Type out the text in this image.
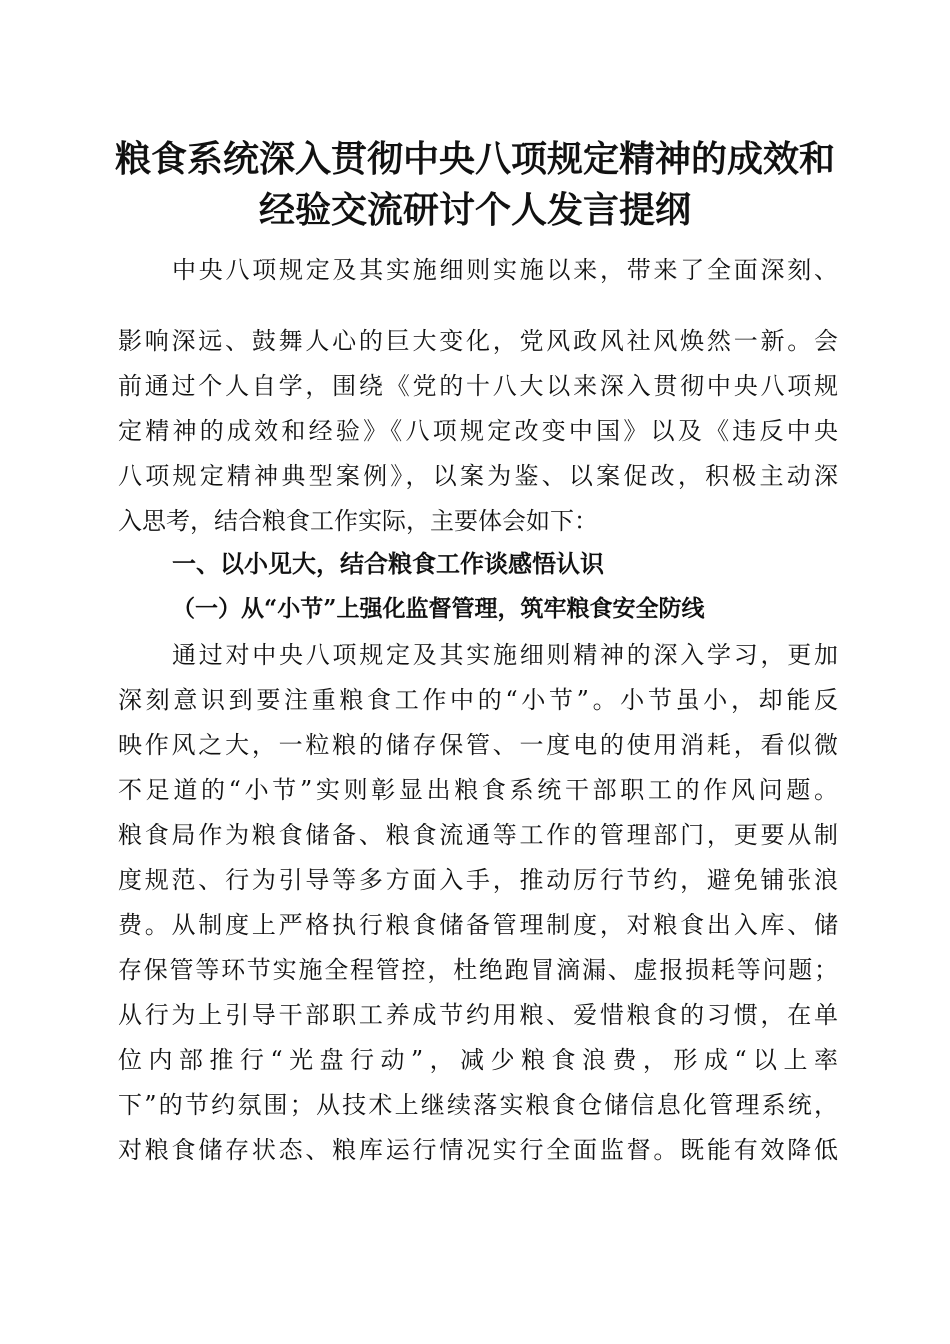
粮食系统深入贯彻中央八项规定精神的成效和
经验交流研讨个人发言提纲
中央八项规定及其实施细则实施以来，带来了全面深刻、
影响深远、鼓舞人心的巨大变化，党风政风社风焕然一新。会
前通过个人自学，围绕《党的十八大以来深入贯彻中央八项规
定精神的成效和经验》《八项规定改变中国》以及《违反中央
八项规定精神典型案例》，以案为鉴、以案促改，积极主动深
入思考，结合粮食工作实际，主要体会如下：
一、以小见大，结合粮食工作谈感悟认识
（一）从“小节”上强化监督管理，筑牢粮食安全防线
通过对中央八项规定及其实施细则精神的深入学习，更加
深刻意识到要注重粮食工作中的“小节”。小节虽小，却能反
映作风之大，一粒粮的储存保管、一度电的使用消耗，看似微
不足道的“小节”实则彰显出粮食系统干部职工的作风问题。
粮食局作为粮食储备、粮食流通等工作的管理部门，更要从制
度规范、行为引导等多方面入手，推动厉行节约，避免铺张浪
费。从制度上严格执行粮食储备管理制度，对粮食出入库、储
存保管等环节实施全程管控，杜绝跑冒滴漏、虚报损耗等问题；
从行为上引导干部职工养成节约用粮、爱惜粮食的习惯，在单
位内部推行“光盘行动”，减少粮食浪费，形成“以上率
下”的节约氛围；从技术上继续落实粮食仓储信息化管理系统，
对粮食储存状态、粮库运行情况实行全面监督。既能有效降低
